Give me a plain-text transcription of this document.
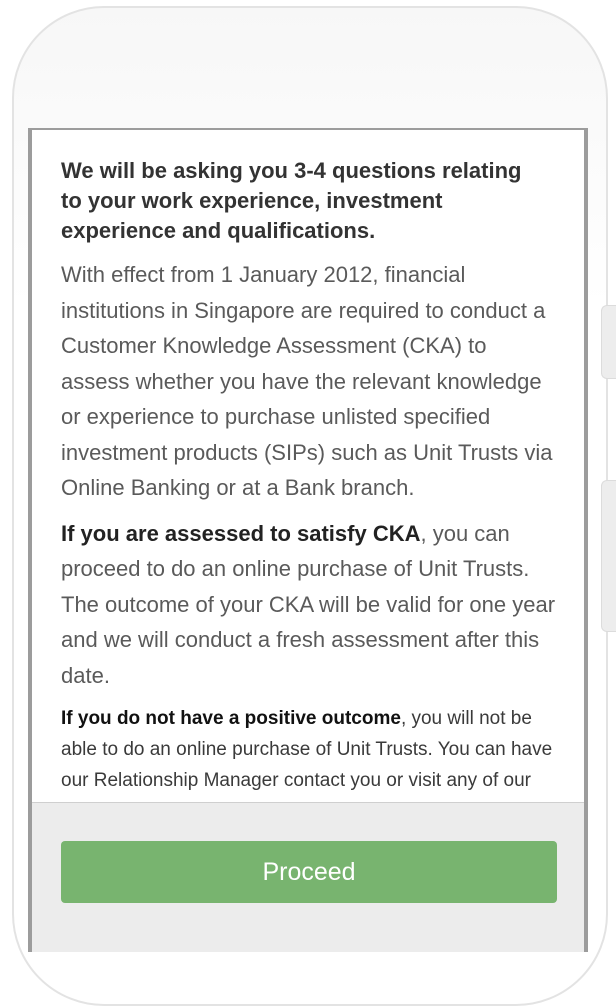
We will be asking you 3-4 questions relating to your work experience, investment experience and qualifications.

With effect from 1 January 2012, financial institutions in Singapore are required to conduct a Customer Knowledge Assessment (CKA) to assess whether you have the relevant knowledge or experience to purchase unlisted specified investment products (SIPs) such as Unit Trusts via Online Banking or at a Bank branch.

If you are assessed to satisfy CKA, you can proceed to do an online purchase of Unit Trusts. The outcome of your CKA will be valid for one year and we will conduct a fresh assessment after this date.

If you do not have a positive outcome, you will not be able to do an online purchase of Unit Trusts. You can have our Relationship Manager contact you or visit any of our

Proceed
